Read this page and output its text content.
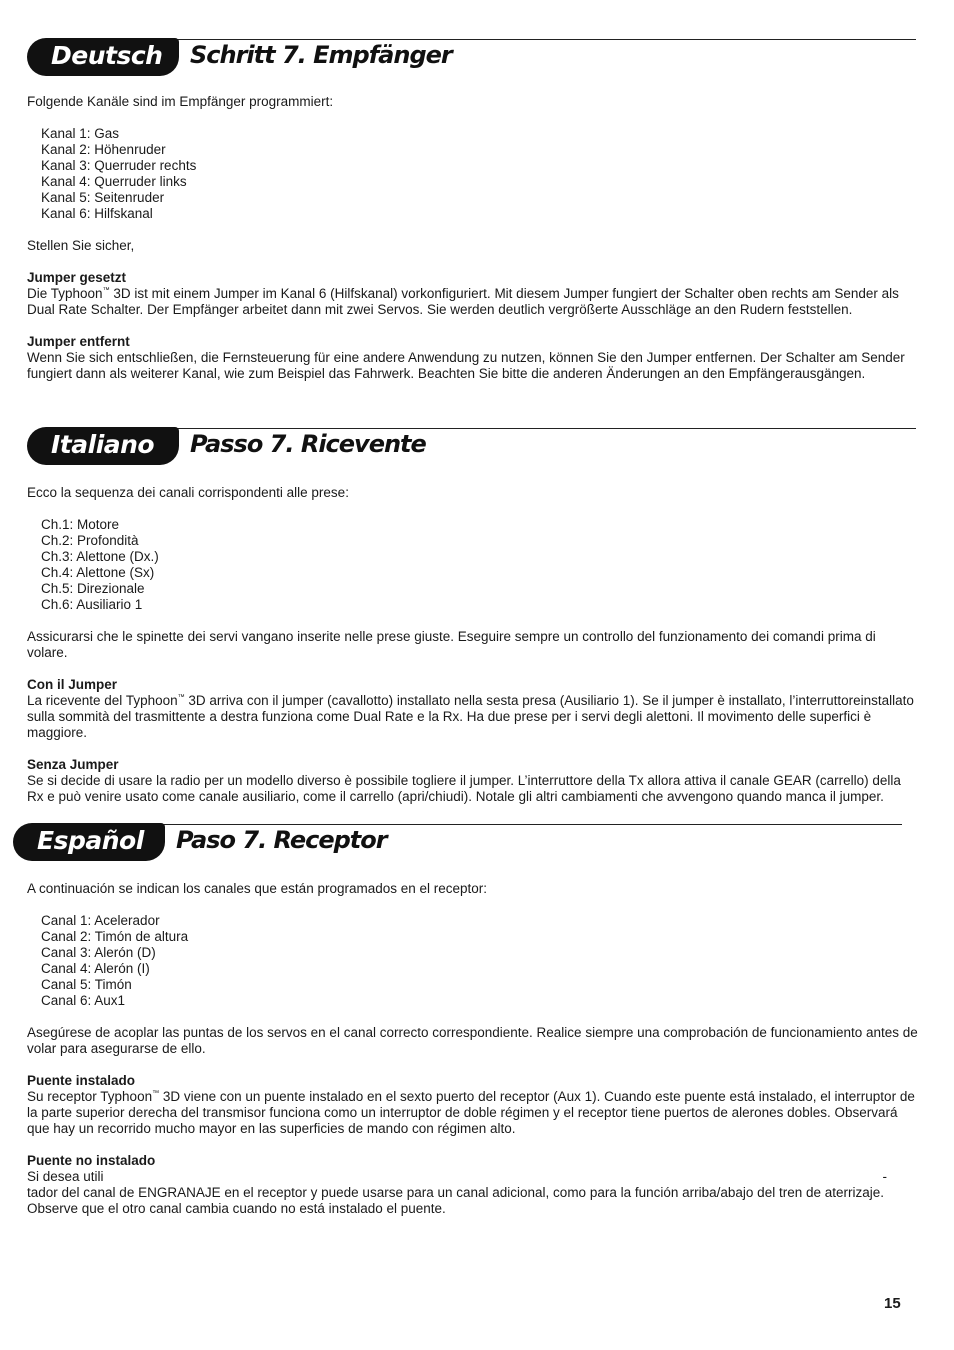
Deutsch	Schritt 7. Empfänger

Folgende Kanäle sind im Empfänger programmiert:

Kanal 1: Gas

Kanal 2: Höhenruder

Kanal 3: Querruder rechts

Kanal 4: Querruder links

Kanal 5: Seitenruder

Kanal 6: Hilfskanal

Stellen Sie sicher,

Jumper gesetzt

Die Typhoon™ 3D ist mit einem Jumper im Kanal 6 (Hilfskanal) vorkonfiguriert. Mit diesem Jumper fungiert der Schalter oben rechts am Sender als Dual Rate Schalter. Der Empfänger arbeitet dann mit zwei Servos. Sie werden deutlich vergrößerte Ausschläge an den Rudern feststellen.

Jumper entfernt

Wenn Sie sich entschließen, die Fernsteuerung für eine andere Anwendung zu nutzen, können Sie den Jumper entfernen. Der Schalter am Sender fungiert dann als weiterer Kanal, wie zum Beispiel das Fahrwerk. Beachten Sie bitte die anderen Änderungen an den Empfängerausgängen.

Italiano	Passo 7. Ricevente

Ecco la sequenza dei canali corrispondenti alle prese:

Ch.1: Motore

Ch.2: Profondità

Ch.3: Alettone (Dx.)

Ch.4: Alettone (Sx)

Ch.5: Direzionale

Ch.6: Ausiliario 1

Assicurarsi che le spinette dei servi vangano inserite nelle prese giuste. Eseguire sempre un controllo del funzionamento dei comandi prima di volare.

Con il Jumper

La ricevente del Typhoon™ 3D arriva con il jumper (cavallotto) installato nella sesta presa (Ausiliario 1). Se il jumper è installato, l’interruttoreinstallato sulla sommità del trasmittente a destra funziona come Dual Rate e la Rx. Ha due prese per i servi degli alettoni. Il movimento delle superfici è maggiore.

Senza Jumper

Se si decide di usare la radio per un modello diverso è possibile togliere il jumper. L’interruttore della Tx allora attiva il canale GEAR (carrello) della Rx e può venire usato come canale ausiliario, come il carrello (apri/chiudi). Notale gli altri cambiamenti che avvengono quando manca il jumper.

Español	Paso 7. Receptor

A continuación se indican los canales que están programados en el receptor:

Canal 1: Acelerador

Canal 2: Timón de altura

Canal 3: Alerón (D)

Canal 4: Alerón (I)

Canal 5: Timón

Canal 6: Aux1

Asegúrese de acoplar las puntas de los servos en el canal correcto correspondiente. Realice siempre una comprobación de funcionamiento antes de volar para asegurarse de ello.

Puente instalado

Su receptor Typhoon™ 3D viene con un puente instalado en el sexto puerto del receptor (Aux 1). Cuando este puente está instalado, el interruptor de la parte superior derecha del transmisor funciona como un interruptor de doble régimen y el receptor tiene puertos de alerones dobles. Observará que hay un recorrido mucho mayor en las superficies de mando con régimen alto.

Puente no instalado

Si desea utili	-

tador del canal de ENGRANAJE en el receptor y puede usarse para un canal adicional, como para la función arriba/abajo del tren de aterrizaje. Observe que el otro canal cambia cuando no está instalado el puente.

15
